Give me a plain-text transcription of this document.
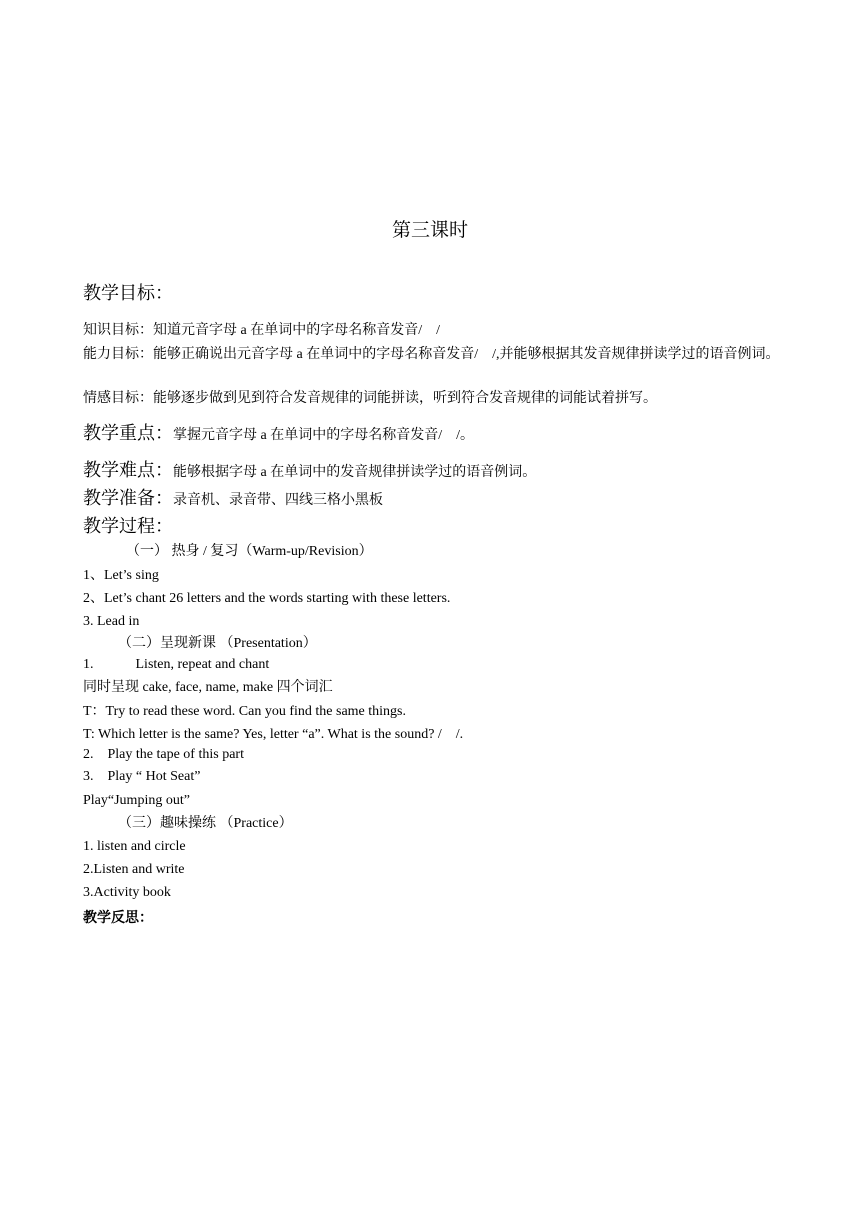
第三课时
教学目标：
知识目标：知道元音字母 a 在单词中的字母名称音发音/　/
能力目标：能够正确说出元音字母 a 在单词中的字母名称音发音/　/,并能够根据其发音规律拼读学过的语音例词。
情感目标：能够逐步做到见到符合发音规律的词能拼读，听到符合发音规律的词能试着拼写。
教学重点：掌握元音字母 a 在单词中的字母名称音发音/　/。
教学难点：能够根据字母 a 在单词中的发音规律拼读学过的语音例词。
教学准备：录音机、录音带、四线三格小黑板
教学过程：
（一） 热身 / 复习（Warm-up/Revision）
1、Let’s sing
2、Let’s chant 26 letters and the words starting with these letters.
3. Lead in
（二）呈现新课 （Presentation）
1.　　　Listen, repeat and chant
同时呈现 cake, face, name, make 四个词汇
T：Try to read these word. Can you find the same things.
T: Which letter is the same? Yes, letter “a”. What is the sound? /　/.
2.　Play the tape of this part
3.　Play “ Hot Seat”
Play“Jumping out”
（三）趣味操练 （Practice）
1. listen and circle
2.Listen and write
3.Activity book
教学反思：
